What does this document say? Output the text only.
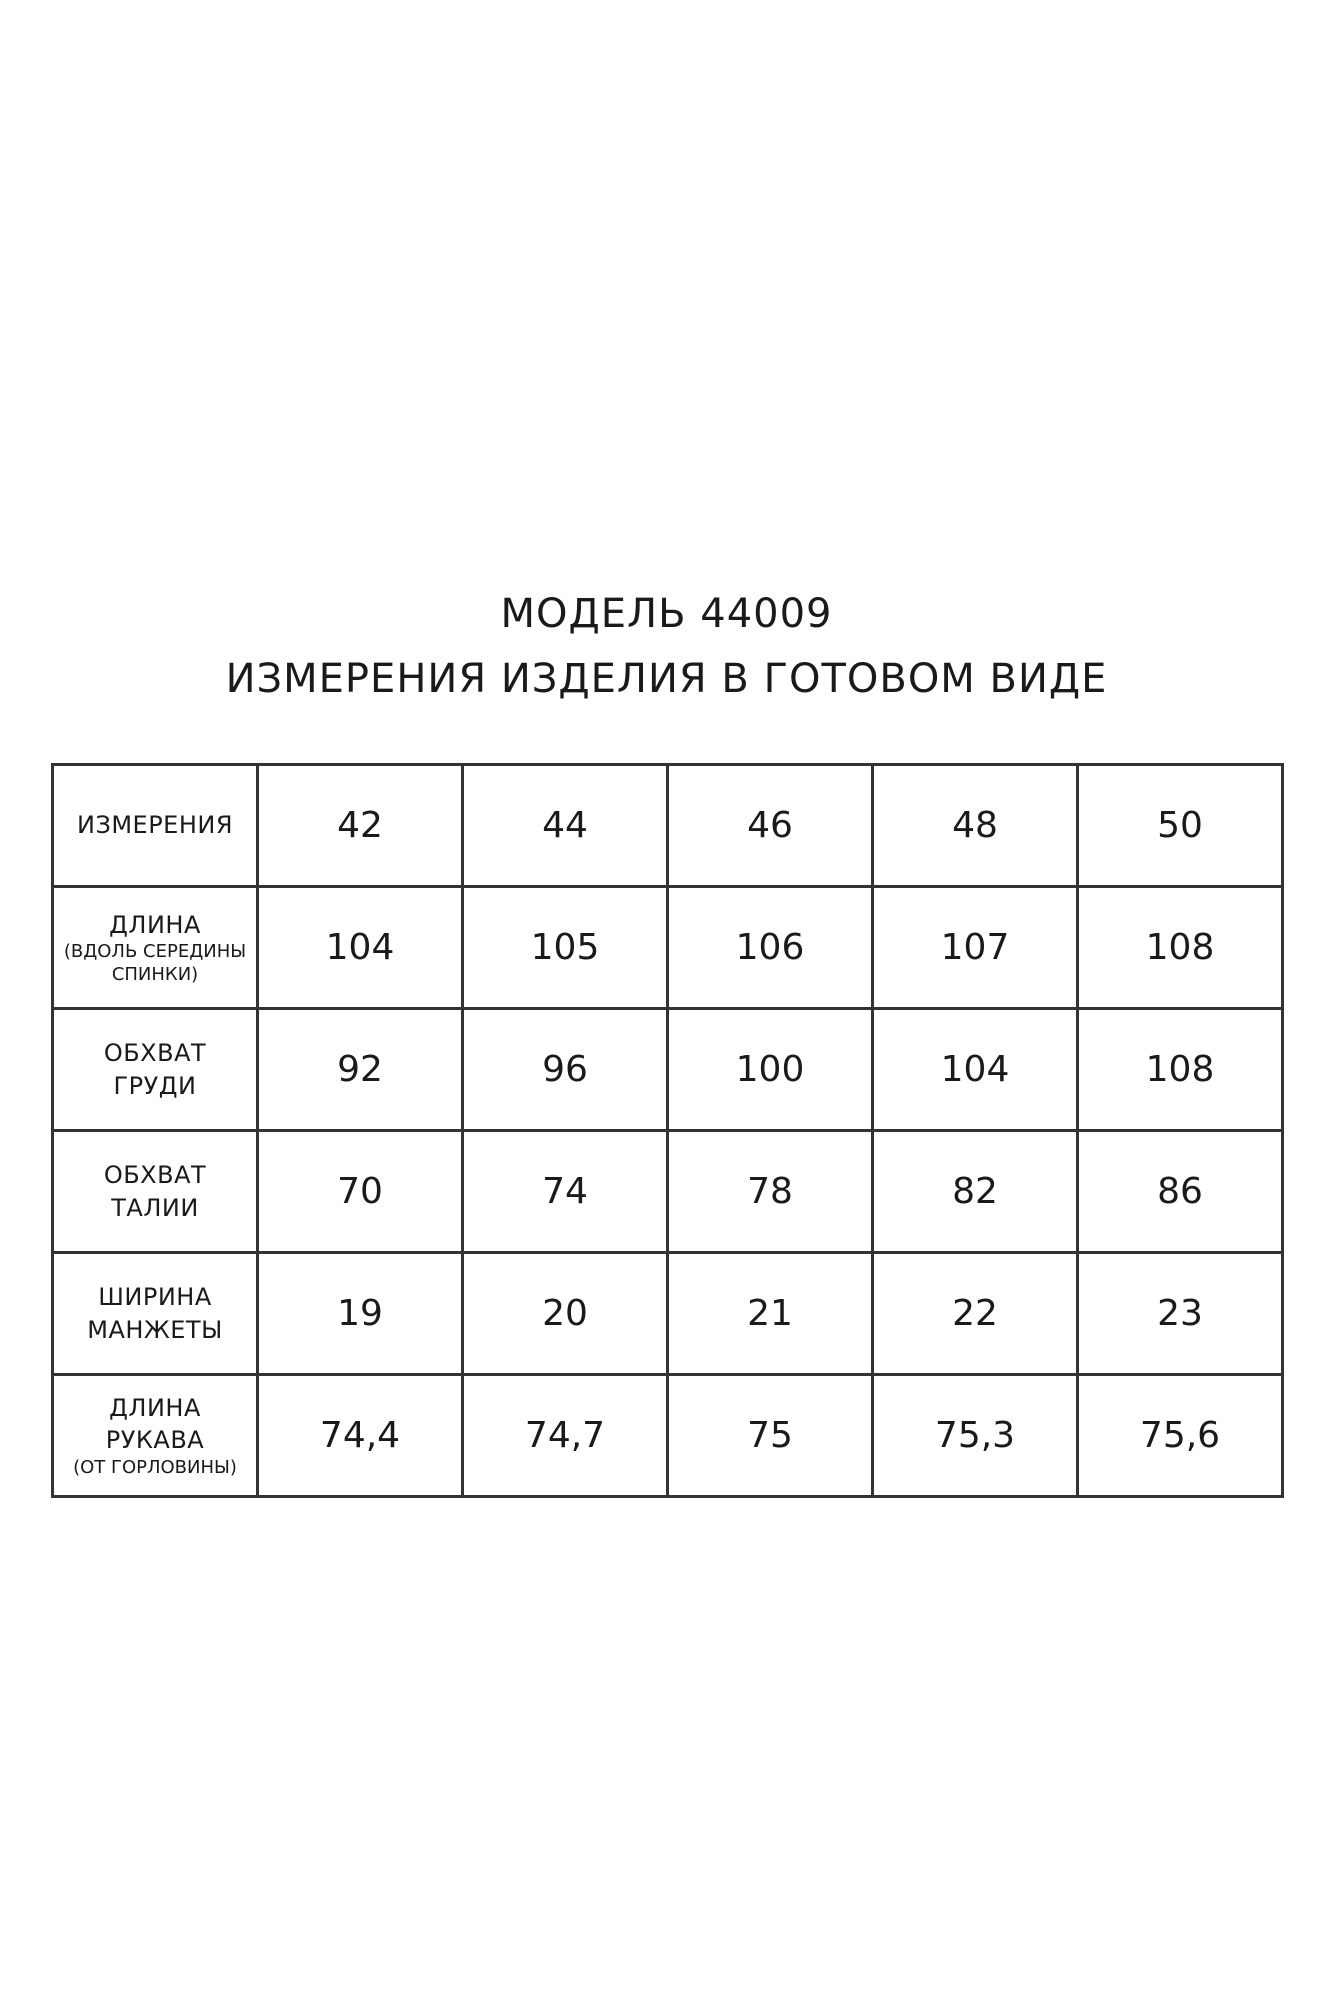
МОДЕЛЬ 44009
ИЗМЕРЕНИЯ ИЗДЕЛИЯ В ГОТОВОМ ВИДЕ
ИЗМЕРЕНИЯ	42	44	46	48	50

ДЛИНА
(ВДОЛЬ СЕРЕДИНЫ
СПИНКИ)	104	105	106	107	108

ОБХВАТ
ГРУДИ	92	96	100	104	108

ОБХВАТ
ТАЛИИ	70	74	78	82	86

ШИРИНА
МАНЖЕТЫ	19	20	21	22	23

ДЛИНА
РУКАВА
(ОТ ГОРЛОВИНЫ)	74,4	74,7	75	75,3	75,6
